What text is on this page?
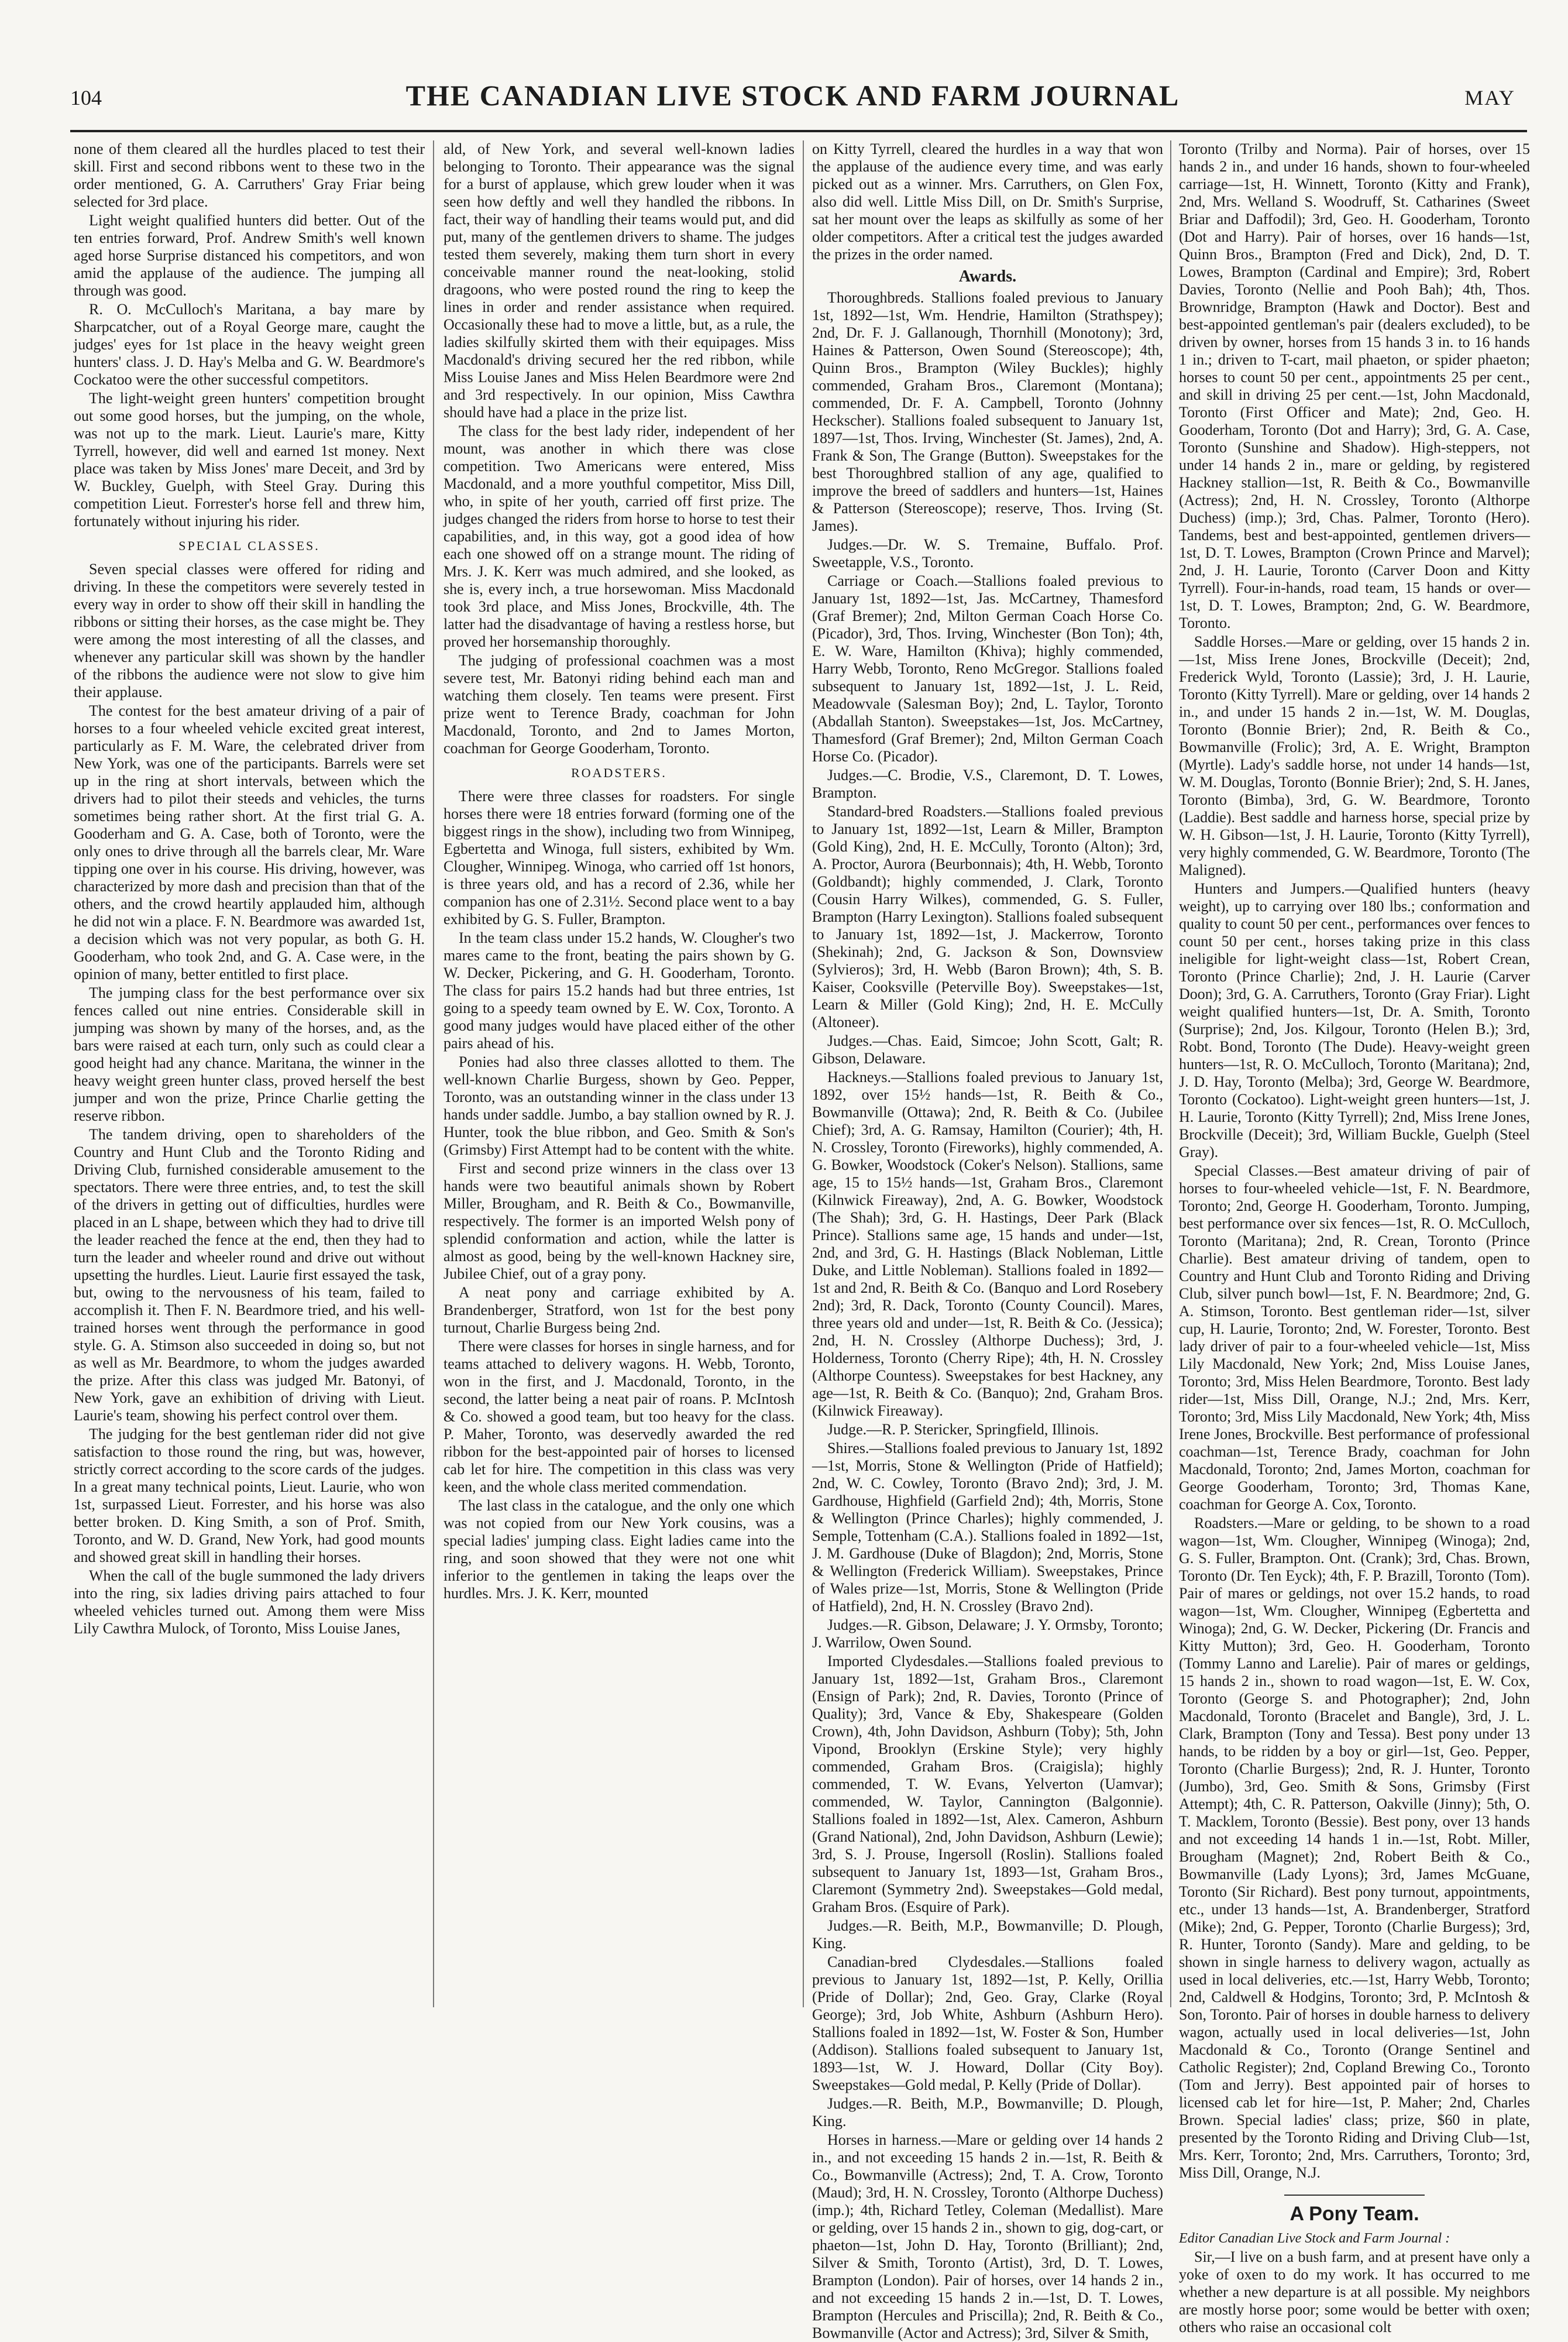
104	THE CANADIAN LIVE STOCK AND FARM JOURNAL	MAY

none of them cleared all the hurdles placed to test their skill. First and second ribbons went to these two in the order mentioned, G. A. Carruthers' Gray Friar being selected for 3rd place.

Light weight qualified hunters did better. Out of the ten entries forward, Prof. Andrew Smith's well known aged horse Surprise distanced his competitors, and won amid the applause of the audience. The jumping all through was good.

R. O. McCulloch's Maritana, a bay mare by Sharpcatcher, out of a Royal George mare, caught the judges' eyes for 1st place in the heavy weight green hunters' class. J. D. Hay's Melba and G. W. Beardmore's Cockatoo were the other successful competitors.

The light-weight green hunters' competition brought out some good horses, but the jumping, on the whole, was not up to the mark. Lieut. Laurie's mare, Kitty Tyrrell, however, did well and earned 1st money. Next place was taken by Miss Jones' mare Deceit, and 3rd by W. Buckley, Guelph, with Steel Gray. During this competition Lieut. Forrester's horse fell and threw him, fortunately without injuring his rider.

SPECIAL CLASSES.

Seven special classes were offered for riding and driving. In these the competitors were severely tested in every way in order to show off their skill in handling the ribbons or sitting their horses, as the case might be. They were among the most interesting of all the classes, and whenever any particular skill was shown by the handler of the ribbons the audience were not slow to give him their applause.

The contest for the best amateur driving of a pair of horses to a four wheeled vehicle excited great interest, particularly as F. M. Ware, the celebrated driver from New York, was one of the participants. Barrels were set up in the ring at short intervals, between which the drivers had to pilot their steeds and vehicles, the turns sometimes being rather short. At the first trial G. A. Gooderham and G. A. Case, both of Toronto, were the only ones to drive through all the barrels clear, Mr. Ware tipping one over in his course. His driving, however, was characterized by more dash and precision than that of the others, and the crowd heartily applauded him, although he did not win a place. F. N. Beardmore was awarded 1st, a decision which was not very popular, as both G. H. Gooderham, who took 2nd, and G. A. Case were, in the opinion of many, better entitled to first place.

The jumping class for the best performance over six fences called out nine entries. Considerable skill in jumping was shown by many of the horses, and, as the bars were raised at each turn, only such as could clear a good height had any chance. Maritana, the winner in the heavy weight green hunter class, proved herself the best jumper and won the prize, Prince Charlie getting the reserve ribbon.

The tandem driving, open to shareholders of the Country and Hunt Club and the Toronto Riding and Driving Club, furnished considerable amusement to the spectators. There were three entries, and, to test the skill of the drivers in getting out of difficulties, hurdles were placed in an L shape, between which they had to drive till the leader reached the fence at the end, then they had to turn the leader and wheeler round and drive out without upsetting the hurdles. Lieut. Laurie first essayed the task, but, owing to the nervousness of his team, failed to accomplish it. Then F. N. Beardmore tried, and his well-trained horses went through the performance in good style. G. A. Stimson also succeeded in doing so, but not as well as Mr. Beardmore, to whom the judges awarded the prize. After this class was judged Mr. Batonyi, of New York, gave an exhibition of driving with Lieut. Laurie's team, showing his perfect control over them.

The judging for the best gentleman rider did not give satisfaction to those round the ring, but was, however, strictly correct according to the score cards of the judges. In a great many technical points, Lieut. Laurie, who won 1st, surpassed Lieut. Forrester, and his horse was also better broken. D. King Smith, a son of Prof. Smith, Toronto, and W. D. Grand, New York, had good mounts and showed great skill in handling their horses.

When the call of the bugle summoned the lady drivers into the ring, six ladies driving pairs attached to four wheeled vehicles turned out. Among them were Miss Lily Cawthra Mulock, of Toronto, Miss Louise Janes,

ald, of New York, and several well-known ladies belonging to Toronto. Their appearance was the signal for a burst of applause, which grew louder when it was seen how deftly and well they handled the ribbons. In fact, their way of handling their teams would put, and did put, many of the gentlemen drivers to shame. The judges tested them severely, making them turn short in every conceivable manner round the neat-looking, stolid dragoons, who were posted round the ring to keep the lines in order and render assistance when required. Occasionally these had to move a little, but, as a rule, the ladies skilfully skirted them with their equipages. Miss Macdonald's driving secured her the red ribbon, while Miss Louise Janes and Miss Helen Beardmore were 2nd and 3rd respectively. In our opinion, Miss Cawthra should have had a place in the prize list.

The class for the best lady rider, independent of her mount, was another in which there was close competition. Two Americans were entered, Miss Macdonald, and a more youthful competitor, Miss Dill, who, in spite of her youth, carried off first prize. The judges changed the riders from horse to horse to test their capabilities, and, in this way, got a good idea of how each one showed off on a strange mount. The riding of Mrs. J. K. Kerr was much admired, and she looked, as she is, every inch, a true horsewoman. Miss Macdonald took 3rd place, and Miss Jones, Brockville, 4th. The latter had the disadvantage of having a restless horse, but proved her horsemanship thoroughly.

The judging of professional coachmen was a most severe test, Mr. Batonyi riding behind each man and watching them closely. Ten teams were present. First prize went to Terence Brady, coachman for John Macdonald, Toronto, and 2nd to James Morton, coachman for George Gooderham, Toronto.

ROADSTERS.

There were three classes for roadsters. For single horses there were 18 entries forward (forming one of the biggest rings in the show), including two from Winnipeg, Egbertetta and Winoga, full sisters, exhibited by Wm. Clougher, Winnipeg. Winoga, who carried off 1st honors, is three years old, and has a record of 2.36, while her companion has one of 2.31½. Second place went to a bay exhibited by G. S. Fuller, Brampton.

In the team class under 15.2 hands, W. Clougher's two mares came to the front, beating the pairs shown by G. W. Decker, Pickering, and G. H. Gooderham, Toronto. The class for pairs 15.2 hands had but three entries, 1st going to a speedy team owned by E. W. Cox, Toronto. A good many judges would have placed either of the other pairs ahead of his.

Ponies had also three classes allotted to them. The well-known Charlie Burgess, shown by Geo. Pepper, Toronto, was an outstanding winner in the class under 13 hands under saddle. Jumbo, a bay stallion owned by R. J. Hunter, took the blue ribbon, and Geo. Smith & Son's (Grimsby) First Attempt had to be content with the white.

First and second prize winners in the class over 13 hands were two beautiful animals shown by Robert Miller, Brougham, and R. Beith & Co., Bowmanville, respectively. The former is an imported Welsh pony of splendid conformation and action, while the latter is almost as good, being by the well-known Hackney sire, Jubilee Chief, out of a gray pony.

A neat pony and carriage exhibited by A. Brandenberger, Stratford, won 1st for the best pony turnout, Charlie Burgess being 2nd.

There were classes for horses in single harness, and for teams attached to delivery wagons. H. Webb, Toronto, won in the first, and J. Macdonald, Toronto, in the second, the latter being a neat pair of roans. P. McIntosh & Co. showed a good team, but too heavy for the class. P. Maher, Toronto, was deservedly awarded the red ribbon for the best-appointed pair of horses to licensed cab let for hire. The competition in this class was very keen, and the whole class merited commendation.

The last class in the catalogue, and the only one which was not copied from our New York cousins, was a special ladies' jumping class. Eight ladies came into the ring, and soon showed that they were not one whit inferior to the gentlemen in taking the leaps over the hurdles. Mrs. J. K. Kerr, mounted

on Kitty Tyrrell, cleared the hurdles in a way that won the applause of the audience every time, and was early picked out as a winner. Mrs. Carruthers, on Glen Fox, also did well. Little Miss Dill, on Dr. Smith's Surprise, sat her mount over the leaps as skilfully as some of her older competitors. After a critical test the judges awarded the prizes in the order named.

Awards.

Thoroughbreds. Stallions foaled previous to January 1st, 1892—1st, Wm. Hendrie, Hamilton (Strathspey); 2nd, Dr. F. J. Gallanough, Thornhill (Monotony); 3rd, Haines & Patterson, Owen Sound (Stereoscope); 4th, Quinn Bros., Brampton (Wiley Buckles); highly commended, Graham Bros., Claremont (Montana); commended, Dr. F. A. Campbell, Toronto (Johnny Heckscher). Stallions foaled subsequent to January 1st, 1897—1st, Thos. Irving, Winchester (St. James), 2nd, A. Frank & Son, The Grange (Button). Sweepstakes for the best Thoroughbred stallion of any age, qualified to improve the breed of saddlers and hunters—1st, Haines & Patterson (Stereoscope); reserve, Thos. Irving (St. James).

Judges.—Dr. W. S. Tremaine, Buffalo. Prof. Sweetapple, V.S., Toronto.

Carriage or Coach.—Stallions foaled previous to January 1st, 1892—1st, Jas. McCartney, Thamesford (Graf Bremer); 2nd, Milton German Coach Horse Co. (Picador), 3rd, Thos. Irving, Winchester (Bon Ton); 4th, E. W. Ware, Hamilton (Khiva); highly commended, Harry Webb, Toronto, Reno McGregor. Stallions foaled subsequent to January 1st, 1892—1st, J. L. Reid, Meadowvale (Salesman Boy); 2nd, L. Taylor, Toronto (Abdallah Stanton). Sweepstakes—1st, Jos. McCartney, Thamesford (Graf Bremer); 2nd, Milton German Coach Horse Co. (Picador).

Judges.—C. Brodie, V.S., Claremont, D. T. Lowes, Brampton.

Standard-bred Roadsters.—Stallions foaled previous to January 1st, 1892—1st, Learn & Miller, Brampton (Gold King), 2nd, H. E. McCully, Toronto (Alton); 3rd, A. Proctor, Aurora (Beurbonnais); 4th, H. Webb, Toronto (Goldbandt); highly commended, J. Clark, Toronto (Cousin Harry Wilkes), commended, G. S. Fuller, Brampton (Harry Lexington). Stallions foaled subsequent to January 1st, 1892—1st, J. Mackerrow, Toronto (Shekinah); 2nd, G. Jackson & Son, Downsview (Sylvieros); 3rd, H. Webb (Baron Brown); 4th, S. B. Kaiser, Cooksville (Peterville Boy). Sweepstakes—1st, Learn & Miller (Gold King); 2nd, H. E. McCully (Altoneer).

Judges.—Chas. Eaid, Simcoe; John Scott, Galt; R. Gibson, Delaware.

Hackneys.—Stallions foaled previous to January 1st, 1892, over 15½ hands—1st, R. Beith & Co., Bowmanville (Ottawa); 2nd, R. Beith & Co. (Jubilee Chief); 3rd, A. G. Ramsay, Hamilton (Courier); 4th, H. N. Crossley, Toronto (Fireworks), highly commended, A. G. Bowker, Woodstock (Coker's Nelson). Stallions, same age, 15 to 15½ hands—1st, Graham Bros., Claremont (Kilnwick Fireaway), 2nd, A. G. Bowker, Woodstock (The Shah); 3rd, G. H. Hastings, Deer Park (Black Prince). Stallions same age, 15 hands and under—1st, 2nd, and 3rd, G. H. Hastings (Black Nobleman, Little Duke, and Little Nobleman). Stallions foaled in 1892—1st and 2nd, R. Beith & Co. (Banquo and Lord Rosebery 2nd); 3rd, R. Dack, Toronto (County Council). Mares, three years old and under—1st, R. Beith & Co. (Jessica); 2nd, H. N. Crossley (Althorpe Duchess); 3rd, J. Holderness, Toronto (Cherry Ripe); 4th, H. N. Crossley (Althorpe Countess). Sweepstakes for best Hackney, any age—1st, R. Beith & Co. (Banquo); 2nd, Graham Bros. (Kilnwick Fireaway).

Judge.—R. P. Stericker, Springfield, Illinois.

Shires.—Stallions foaled previous to January 1st, 1892—1st, Morris, Stone & Wellington (Pride of Hatfield); 2nd, W. C. Cowley, Toronto (Bravo 2nd); 3rd, J. M. Gardhouse, Highfield (Garfield 2nd); 4th, Morris, Stone & Wellington (Prince Charles); highly commended, J. Semple, Tottenham (C.A.). Stallions foaled in 1892—1st, J. M. Gardhouse (Duke of Blagdon); 2nd, Morris, Stone & Wellington (Frederick William). Sweepstakes, Prince of Wales prize—1st, Morris, Stone & Wellington (Pride of Hatfield), 2nd, H. N. Crossley (Bravo 2nd).

Judges.—R. Gibson, Delaware; J. Y. Ormsby, Toronto; J. Warrilow, Owen Sound.

Imported Clydesdales.—Stallions foaled previous to January 1st, 1892—1st, Graham Bros., Claremont (Ensign of Park); 2nd, R. Davies, Toronto (Prince of Quality); 3rd, Vance & Eby, Shakespeare (Golden Crown), 4th, John Davidson, Ashburn (Toby); 5th, John Vipond, Brooklyn (Erskine Style); very highly commended, Graham Bros. (Craigisla); highly commended, T. W. Evans, Yelverton (Uamvar); commended, W. Taylor, Cannington (Balgonnie). Stallions foaled in 1892—1st, Alex. Cameron, Ashburn (Grand National), 2nd, John Davidson, Ashburn (Lewie); 3rd, S. J. Prouse, Ingersoll (Roslin). Stallions foaled subsequent to January 1st, 1893—1st, Graham Bros., Claremont (Symmetry 2nd). Sweepstakes—Gold medal, Graham Bros. (Esquire of Park).

Judges.—R. Beith, M.P., Bowmanville; D. Plough, King.

Canadian-bred Clydesdales.—Stallions foaled previous to January 1st, 1892—1st, P. Kelly, Orillia (Pride of Dollar); 2nd, Geo. Gray, Clarke (Royal George); 3rd, Job White, Ashburn (Ashburn Hero). Stallions foaled in 1892—1st, W. Foster & Son, Humber (Addison). Stallions foaled subsequent to January 1st, 1893—1st, W. J. Howard, Dollar (City Boy). Sweepstakes—Gold medal, P. Kelly (Pride of Dollar).

Judges.—R. Beith, M.P., Bowmanville; D. Plough, King.

Horses in harness.—Mare or gelding over 14 hands 2 in., and not exceeding 15 hands 2 in.—1st, R. Beith & Co., Bowmanville (Actress); 2nd, T. A. Crow, Toronto (Maud); 3rd, H. N. Crossley, Toronto (Althorpe Duchess) (imp.); 4th, Richard Tetley, Coleman (Medallist). Mare or gelding, over 15 hands 2 in., shown to gig, dog-cart, or phaeton—1st, John D. Hay, Toronto (Brilliant); 2nd, Silver & Smith, Toronto (Artist), 3rd, D. T. Lowes, Brampton (London). Pair of horses, over 14 hands 2 in., and not exceeding 15 hands 2 in.—1st, D. T. Lowes, Brampton (Hercules and Priscilla); 2nd, R. Beith & Co., Bowmanville (Actor and Actress); 3rd, Silver & Smith,

Toronto (Trilby and Norma). Pair of horses, over 15 hands 2 in., and under 16 hands, shown to four-wheeled carriage—1st, H. Winnett, Toronto (Kitty and Frank), 2nd, Mrs. Welland S. Woodruff, St. Catharines (Sweet Briar and Daffodil); 3rd, Geo. H. Gooderham, Toronto (Dot and Harry). Pair of horses, over 16 hands—1st, Quinn Bros., Brampton (Fred and Dick), 2nd, D. T. Lowes, Brampton (Cardinal and Empire); 3rd, Robert Davies, Toronto (Nellie and Pooh Bah); 4th, Thos. Brownridge, Brampton (Hawk and Doctor). Best and best-appointed gentleman's pair (dealers excluded), to be driven by owner, horses from 15 hands 3 in. to 16 hands 1 in.; driven to T-cart, mail phaeton, or spider phaeton; horses to count 50 per cent., appointments 25 per cent., and skill in driving 25 per cent.—1st, John Macdonald, Toronto (First Officer and Mate); 2nd, Geo. H. Gooderham, Toronto (Dot and Harry); 3rd, G. A. Case, Toronto (Sunshine and Shadow). High-steppers, not under 14 hands 2 in., mare or gelding, by registered Hackney stallion—1st, R. Beith & Co., Bowmanville (Actress); 2nd, H. N. Crossley, Toronto (Althorpe Duchess) (imp.); 3rd, Chas. Palmer, Toronto (Hero). Tandems, best and best-appointed, gentlemen drivers—1st, D. T. Lowes, Brampton (Crown Prince and Marvel); 2nd, J. H. Laurie, Toronto (Carver Doon and Kitty Tyrrell). Four-in-hands, road team, 15 hands or over—1st, D. T. Lowes, Brampton; 2nd, G. W. Beardmore, Toronto.

Saddle Horses.—Mare or gelding, over 15 hands 2 in.—1st, Miss Irene Jones, Brockville (Deceit); 2nd, Frederick Wyld, Toronto (Lassie); 3rd, J. H. Laurie, Toronto (Kitty Tyrrell). Mare or gelding, over 14 hands 2 in., and under 15 hands 2 in.—1st, W. M. Douglas, Toronto (Bonnie Brier); 2nd, R. Beith & Co., Bowmanville (Frolic); 3rd, A. E. Wright, Brampton (Myrtle). Lady's saddle horse, not under 14 hands—1st, W. M. Douglas, Toronto (Bonnie Brier); 2nd, S. H. Janes, Toronto (Bimba), 3rd, G. W. Beardmore, Toronto (Laddie). Best saddle and harness horse, special prize by W. H. Gibson—1st, J. H. Laurie, Toronto (Kitty Tyrrell), very highly commended, G. W. Beardmore, Toronto (The Maligned).

Hunters and Jumpers.—Qualified hunters (heavy weight), up to carrying over 180 lbs.; conformation and quality to count 50 per cent., performances over fences to count 50 per cent., horses taking prize in this class ineligible for light-weight class—1st, Robert Crean, Toronto (Prince Charlie); 2nd, J. H. Laurie (Carver Doon); 3rd, G. A. Carruthers, Toronto (Gray Friar). Light weight qualified hunters—1st, Dr. A. Smith, Toronto (Surprise); 2nd, Jos. Kilgour, Toronto (Helen B.); 3rd, Robt. Bond, Toronto (The Dude). Heavy-weight green hunters—1st, R. O. McCulloch, Toronto (Maritana); 2nd, J. D. Hay, Toronto (Melba); 3rd, George W. Beardmore, Toronto (Cockatoo). Light-weight green hunters—1st, J. H. Laurie, Toronto (Kitty Tyrrell); 2nd, Miss Irene Jones, Brockville (Deceit); 3rd, William Buckle, Guelph (Steel Gray).

Special Classes.—Best amateur driving of pair of horses to four-wheeled vehicle—1st, F. N. Beardmore, Toronto; 2nd, George H. Gooderham, Toronto. Jumping, best performance over six fences—1st, R. O. McCulloch, Toronto (Maritana); 2nd, R. Crean, Toronto (Prince Charlie). Best amateur driving of tandem, open to Country and Hunt Club and Toronto Riding and Driving Club, silver punch bowl—1st, F. N. Beardmore; 2nd, G. A. Stimson, Toronto. Best gentleman rider—1st, silver cup, H. Laurie, Toronto; 2nd, W. Forester, Toronto. Best lady driver of pair to a four-wheeled vehicle—1st, Miss Lily Macdonald, New York; 2nd, Miss Louise Janes, Toronto; 3rd, Miss Helen Beardmore, Toronto. Best lady rider—1st, Miss Dill, Orange, N.J.; 2nd, Mrs. Kerr, Toronto; 3rd, Miss Lily Macdonald, New York; 4th, Miss Irene Jones, Brockville. Best performance of professional coachman—1st, Terence Brady, coachman for John Macdonald, Toronto; 2nd, James Morton, coachman for George Gooderham, Toronto; 3rd, Thomas Kane, coachman for George A. Cox, Toronto.

Roadsters.—Mare or gelding, to be shown to a road wagon—1st, Wm. Clougher, Winnipeg (Winoga); 2nd, G. S. Fuller, Brampton. Ont. (Crank); 3rd, Chas. Brown, Toronto (Dr. Ten Eyck); 4th, F. P. Brazill, Toronto (Tom). Pair of mares or geldings, not over 15.2 hands, to road wagon—1st, Wm. Clougher, Winnipeg (Egbertetta and Winoga); 2nd, G. W. Decker, Pickering (Dr. Francis and Kitty Mutton); 3rd, Geo. H. Gooderham, Toronto (Tommy Lanno and Larelie). Pair of mares or geldings, 15 hands 2 in., shown to road wagon—1st, E. W. Cox, Toronto (George S. and Photographer); 2nd, John Macdonald, Toronto (Bracelet and Bangle), 3rd, J. L. Clark, Brampton (Tony and Tessa). Best pony under 13 hands, to be ridden by a boy or girl—1st, Geo. Pepper, Toronto (Charlie Burgess); 2nd, R. J. Hunter, Toronto (Jumbo), 3rd, Geo. Smith & Sons, Grimsby (First Attempt); 4th, C. R. Patterson, Oakville (Jinny); 5th, O. T. Macklem, Toronto (Bessie). Best pony, over 13 hands and not exceeding 14 hands 1 in.—1st, Robt. Miller, Brougham (Magnet); 2nd, Robert Beith & Co., Bowmanville (Lady Lyons); 3rd, James McGuane, Toronto (Sir Richard). Best pony turnout, appointments, etc., under 13 hands—1st, A. Brandenberger, Stratford (Mike); 2nd, G. Pepper, Toronto (Charlie Burgess); 3rd, R. Hunter, Toronto (Sandy). Mare and gelding, to be shown in single harness to delivery wagon, actually as used in local deliveries, etc.—1st, Harry Webb, Toronto; 2nd, Caldwell & Hodgins, Toronto; 3rd, P. McIntosh & Son, Toronto. Pair of horses in double harness to delivery wagon, actually used in local deliveries—1st, John Macdonald & Co., Toronto (Orange Sentinel and Catholic Register); 2nd, Copland Brewing Co., Toronto (Tom and Jerry). Best appointed pair of horses to licensed cab let for hire—1st, P. Maher; 2nd, Charles Brown. Special ladies' class; prize, $60 in plate, presented by the Toronto Riding and Driving Club—1st, Mrs. Kerr, Toronto; 2nd, Mrs. Carruthers, Toronto; 3rd, Miss Dill, Orange, N.J.

A Pony Team.

Editor Canadian Live Stock and Farm Journal :

Sir,—I live on a bush farm, and at present have only a yoke of oxen to do my work. It has occurred to me whether a new departure is at all possible. My neighbors are mostly horse poor; some would be better with oxen; others who raise an occasional colt
